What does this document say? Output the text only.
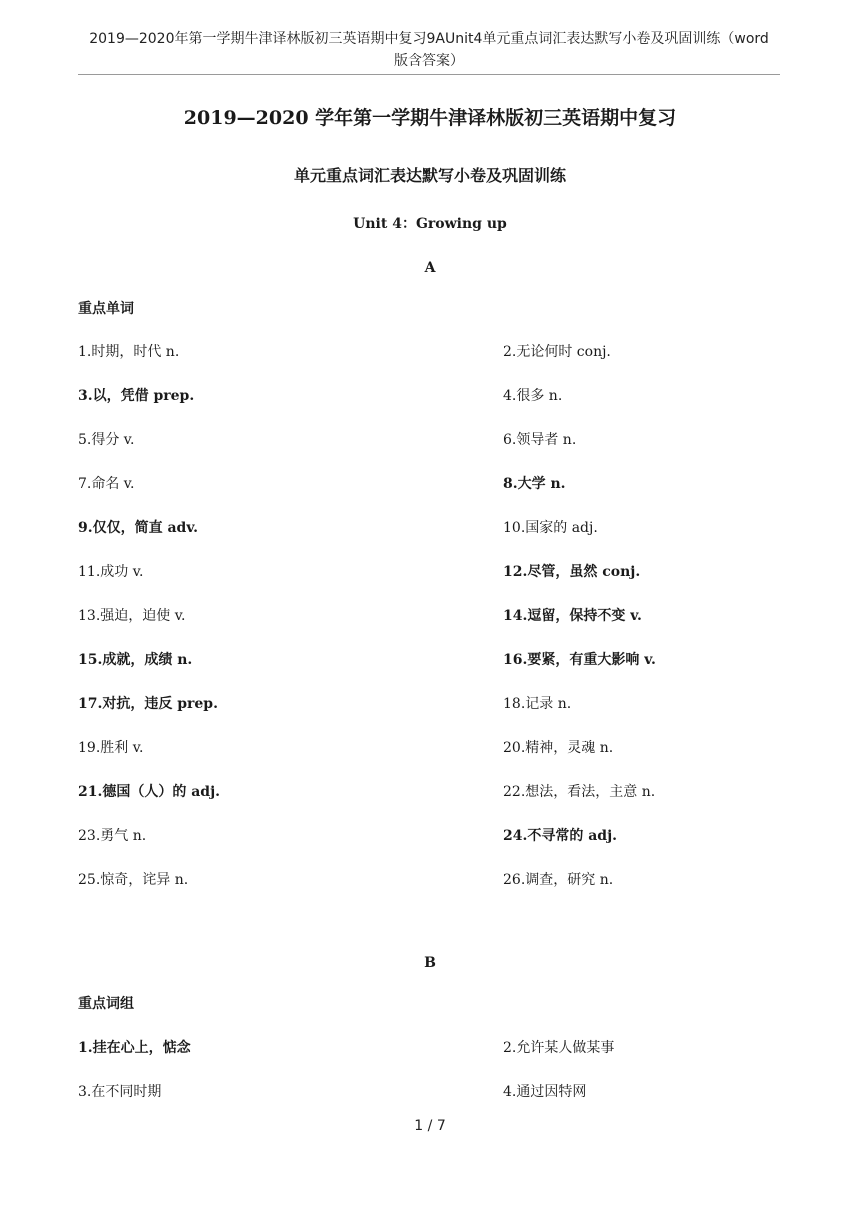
2019—2020年第一学期牛津译林版初三英语期中复习9AUnit4单元重点词汇表达默写小卷及巩固训练（word
版含答案）
2019—2020 学年第一学期牛津译林版初三英语期中复习
单元重点词汇表达默写小卷及巩固训练
Unit 4：Growing up
A
重点单词
1.时期，时代 n.	2.无论何时 conj.
3.以，凭借 prep.	4.很多 n.
5.得分 v.	6.领导者 n.
7.命名 v.	8.大学 n.
9.仅仅，简直 adv.	10.国家的 adj.
11.成功 v.	12.尽管，虽然 conj.
13.强迫，迫使 v.	14.逗留，保持不变 v.
15.成就，成绩 n.	16.要紧，有重大影响 v.
17.对抗，违反 prep.	18.记录 n.
19.胜利 v.	20.精神，灵魂 n.
21.德国（人）的 adj.	22.想法，看法，主意 n.
23.勇气 n.	24.不寻常的 adj.
25.惊奇，诧异 n.	26.调查，研究 n.
B
重点词组
1.挂在心上，惦念	2.允许某人做某事
3.在不同时期	4.通过因特网
1 / 7
